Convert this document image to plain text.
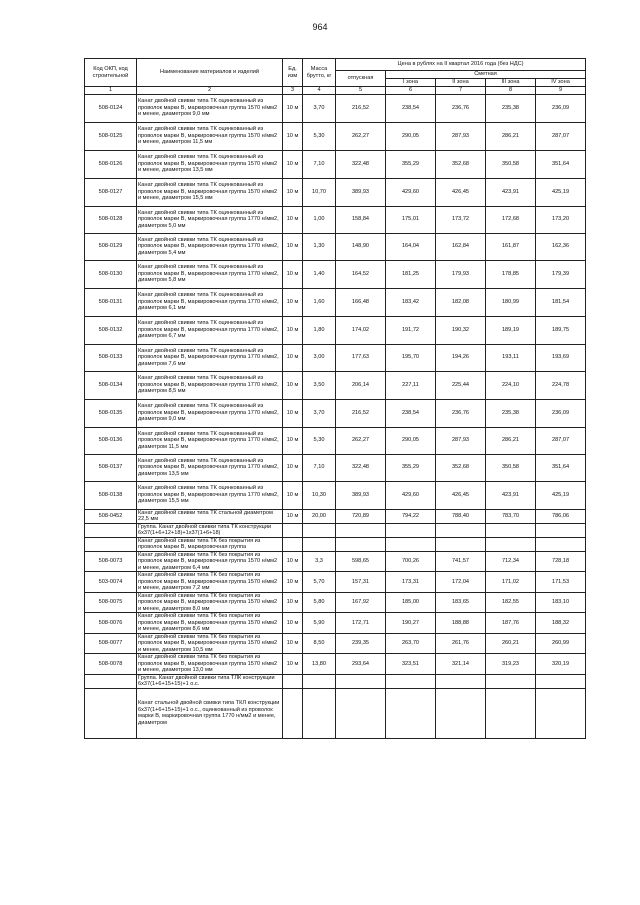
964
Код ОКП, код строительной	Наименование материалов и изделий	Ед. изм	Масса брутто, кг	Цена в рублях на II квартал 2016 года (без НДС)				
				отпускная	Сметная			
					I зона	II зона	III зона	IV зона
1	2	3	4	5	6	7	8	9
508-0124	Канат двойной свивки типа ТК оцинкованный из проволок марки В, маркировочная группа 1570 н/мм2 и менее, диаметром 9,0 мм	10 м	3,70	216,52	238,54	236,76	235,38	236,09
508-0125	Канат двойной свивки типа ТК оцинкованный из проволок марки В, маркировочная группа 1570 н/мм2 и менее, диаметром 11,5 мм	10 м	5,30	262,27	290,05	287,93	286,21	287,07
508-0126	Канат двойной свивки типа ТК оцинкованный из проволок марки В, маркировочная группа 1570 н/мм2 и менее, диаметром 13,5 мм	10 м	7,10	322,48	355,29	352,68	350,58	351,64
508-0127	Канат двойной свивки типа ТК оцинкованный из проволок марки В, маркировочная группа 1570 н/мм2 и менее, диаметром 15,5 мм	10 м	10,70	389,93	429,60	426,45	423,91	425,19
508-0128	Канат двойной свивки типа ТК оцинкованный из проволок марки В, маркировочная группа 1770 н/мм2, диаметром 5,0 мм	10 м	1,00	158,84	175,01	173,72	172,68	173,20
508-0129	Канат двойной свивки типа ТК оцинкованный из проволок марки В, маркировочная группа 1770 н/мм2, диаметром 5,4 мм	10 м	1,30	148,90	164,04	162,84	161,87	162,36
508-0130	Канат двойной свивки типа ТК оцинкованный из проволок марки В, маркировочная группа 1770 н/мм2, диаметром 5,8 мм	10 м	1,40	164,52	181,25	179,93	178,85	179,39
508-0131	Канат двойной свивки типа ТК оцинкованный из проволок марки В, маркировочная группа 1770 н/мм2, диаметром 6,1 мм	10 м	1,60	166,48	183,42	182,08	180,99	181,54
508-0132	Канат двойной свивки типа ТК оцинкованный из проволок марки В, маркировочная группа 1770 н/мм2, диаметром 6,7 мм	10 м	1,80	174,02	191,72	190,32	189,19	189,75
508-0133	Канат двойной свивки типа ТК оцинкованный из проволок марки В, маркировочная группа 1770 н/мм2, диаметром 7,6 мм	10 м	3,00	177,63	195,70	194,26	193,11	193,69
508-0134	Канат двойной свивки типа ТК оцинкованный из проволок марки В, маркировочная группа 1770 н/мм2, диаметром 8,5 мм	10 м	3,50	206,14	227,11	225,44	224,10	224,78
508-0135	Канат двойной свивки типа ТК оцинкованный из проволок марки В, маркировочная группа 1770 н/мм2, диаметром 9,0 мм	10 м	3,70	216,52	238,54	236,76	235,38	236,09
508-0136	Канат двойной свивки типа ТК оцинкованный из проволок марки В, маркировочная группа 1770 н/мм2, диаметром 11,5 мм	10 м	5,30	262,27	290,05	287,93	286,21	287,07
508-0137	Канат двойной свивки типа ТК оцинкованный из проволок марки В, маркировочная группа 1770 н/мм2, диаметром 13,5 мм	10 м	7,10	322,48	355,29	352,68	350,58	351,64
508-0138	Канат двойной свивки типа ТК оцинкованный из проволок марки В, маркировочная группа 1770 н/мм2, диаметром 15,5 мм	10 м	10,30	389,93	429,60	426,45	423,91	425,19
508-0452	Канат двойной свивки типа ТК стальной диаметром 22,5 мм	10 м	20,00	720,89	794,22	788,40	783,70	786,06
	Группа. Канат двойной свивки типа ТК конструкции 6х37(1+6+12+18)+1х37(1+6+18)							
	Канат двойной свивки типа ТК без покрытия из проволок марки В, маркировочная группа							
508-0073	Канат двойной свивки типа ТК без покрытия из проволок марки В, маркировочная группа 1570 н/мм2 и менее, диаметром 6,4 мм	10 м	3,3	598,65	700,26	741,57	712,34	728,18
503-0074	Канат двойной свивки типа ТК без покрытия из проволок марки В, маркировочная группа 1570 н/мм2 и менее, диаметром 7,2 мм	10 м	5,70	157,31	173,31	172,04	171,02	171,53
508-0075	Канат двойной свивки типа ТК без покрытия из проволок марки В, маркировочная группа 1570 н/мм2 и менее, диаметром 8,0 мм	10 м	5,80	167,92	185,00	183,65	182,55	183,10
508-0076	Канат двойной свивки типа ТК без покрытия из проволок марки В, маркировочная группа 1570 н/мм2 и менее, диаметром 8,6 мм	10 м	5,90	172,71	190,27	188,88	187,76	188,32
508-0077	Канат двойной свивки типа ТК без покрытия из проволок марки В, маркировочная группа 1570 н/мм2 и менее, диаметром 10,5 мм	10 м	8,50	239,35	263,70	261,76	260,21	260,99
508-0078	Канат двойной свивки типа ТК без покрытия из проволок марки В, маркировочная группа 1570 н/мм2 и менее, диаметром 13,0 мм	10 м	13,80	293,64	323,51	321,14	319,23	320,19
	Группа. Канат двойной свивки типа ТЛК конструкции 6х37(1+6+15+15)+1 о.с.							
	Канат стальной двойной свивки типа ТКЛ конструкции 6х37(1+6+15+15)+1 о.с., оцинкованный из проволок марки В, маркировочная группа 1770 н/мм2 и менее, диаметром							
